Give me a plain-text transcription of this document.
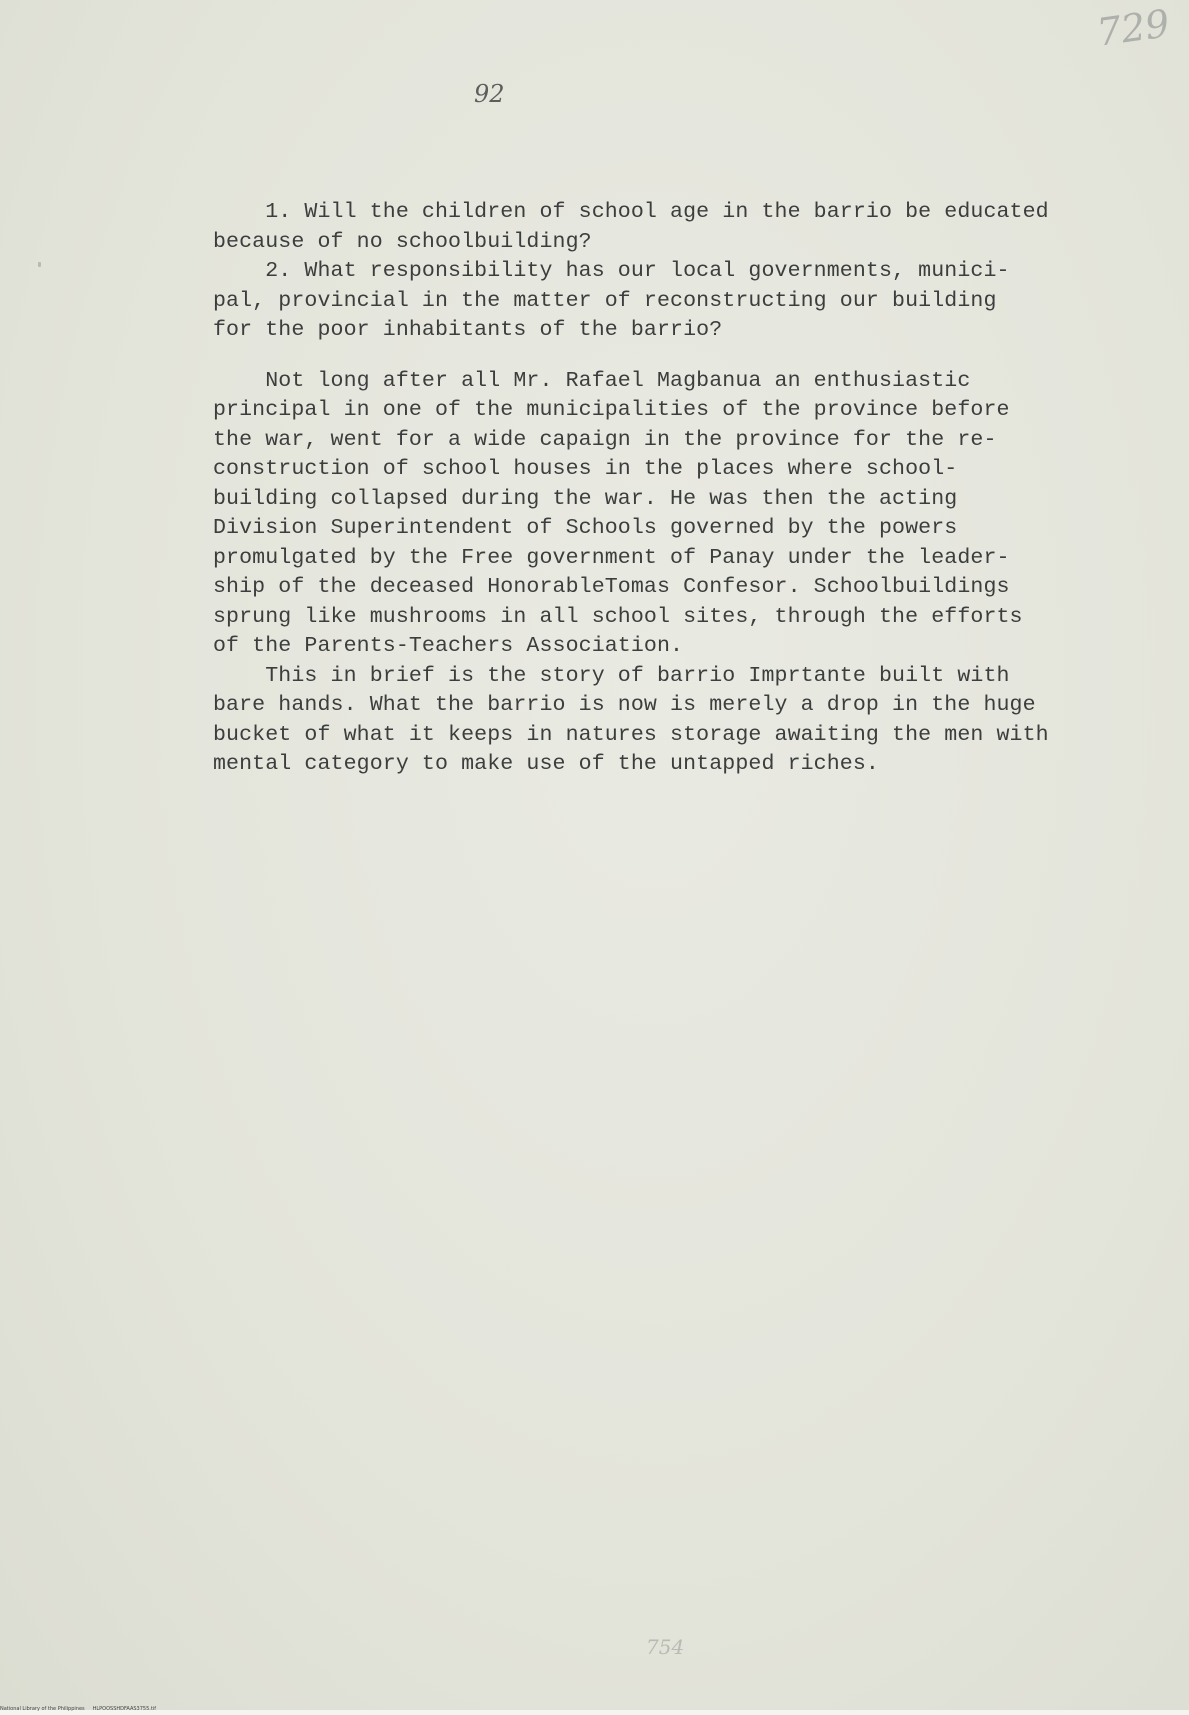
729
92
1. Will the children of school age in the barrio be educated
because of no schoolbuilding?
2. What responsibility has our local governments, munici-
pal, provincial in the matter of reconstructing our building
for the poor inhabitants of the barrio?
Not long after all Mr. Rafael Magbanua an enthusiastic
principal in one of the municipalities of the province before
the war, went for a wide capaign in the province for the re-
construction of school houses in the places where school-
building collapsed during the war. He was then the acting
Division Superintendent of Schools governed by the powers
promulgated by the Free government of Panay under the leader-
ship of the deceased HonorableTomas Confesor. Schoolbuildings
sprung like mushrooms in all school sites, through the efforts
of the Parents-Teachers Association.
This in brief is the story of barrio Imprtante built with
bare hands. What the barrio is now is merely a drop in the huge
bucket of what it keeps in natures storage awaiting the men with
mental category to make use of the untapped riches.
754
National Library of the Philippines     HLPOOSSHDFAAS3755.tif
